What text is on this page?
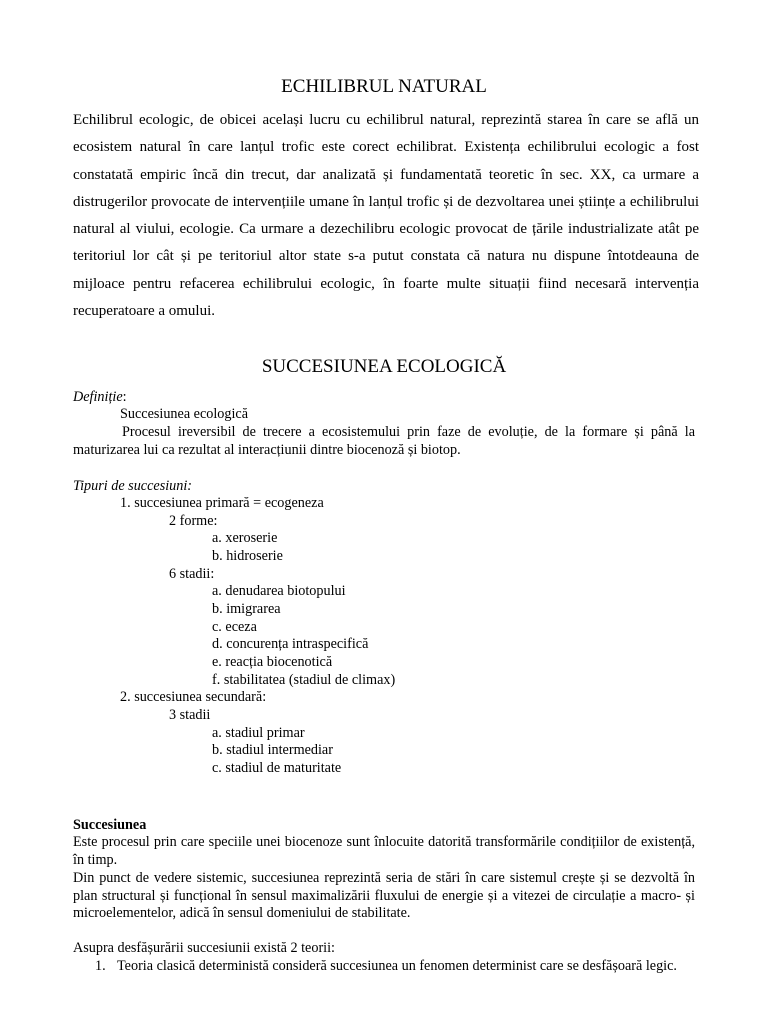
ECHILIBRUL NATURAL

Echilibrul ecologic, de obicei același lucru cu echilibrul natural, reprezintă starea în care se află un ecosistem natural în care lanțul trofic este corect echilibrat. Existența echilibrului ecologic a fost constatată empiric încă din trecut, dar analizată și fundamentată teoretic în sec. XX, ca urmare a distrugerilor provocate de intervențiile umane în lanțul trofic și de dezvoltarea unei științe a echilibrului natural al viului, ecologie. Ca urmare a dezechilibru ecologic provocat de țările industrializate atât pe teritoriul lor cât și pe teritoriul altor state s-a putut constata că natura nu dispune întotdeauna de mijloace pentru refacerea echilibrului ecologic, în foarte multe situații fiind necesară intervenția recuperatoare a omului.

SUCCESIUNEA ECOLOGICĂ

Definiție:

Succesiunea ecologică

Procesul ireversibil de trecere a ecosistemului prin faze de evoluție, de la formare și până la maturizarea lui ca rezultat al interacțiunii dintre biocenoză și biotop.

Tipuri de succesiuni:

1. succesiunea primară = ecogeneza
2 forme:
a. xeroserie
b. hidroserie
6 stadii:
a. denudarea biotopului
b. imigrarea
c. eceza
d. concurența intraspecifică
e. reacția biocenotică
f. stabilitatea (stadiul de climax)
2. succesiunea secundară:
3 stadii
a. stadiul primar
b. stadiul intermediar
c. stadiul de maturitate

Succesiunea

Este procesul prin care speciile unei biocenoze sunt înlocuite datorită transformările condițiilor de existență, în timp.

Din punct de vedere sistemic, succesiunea reprezintă seria de stări în care sistemul crește și se dezvoltă în plan structural și funcțional în sensul maximalizării fluxului de energie și a vitezei de circulație a macro- și microelementelor, adică în sensul domeniului de stabilitate.

Asupra desfășurării succesiunii există 2 teorii:

1. Teoria clasică deterministă consideră succesiunea un fenomen determinist care se desfășoară legic.
